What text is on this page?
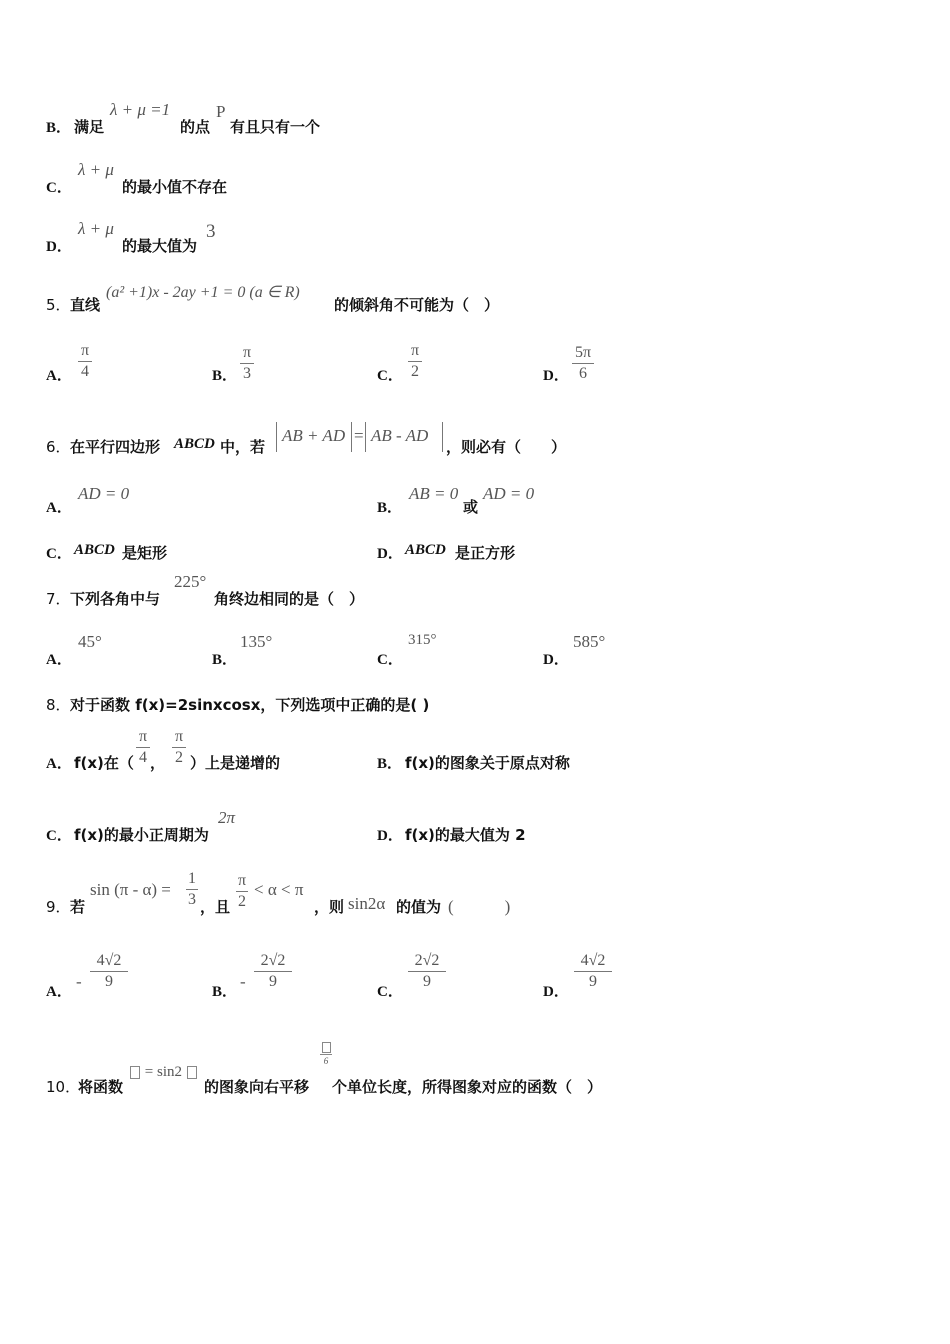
B． 满足
λ + μ =1
的点
P
有且只有一个
C．
λ + μ
的最小值不存在
D．
λ + μ
的最大值为
3
5． 直线
(a² +1)x - 2ay +1 = 0 (a ∈ R)
的倾斜角不可能为（　）
A．
π
4	B．
π
3	C．
π
2	D．
5π
6
6． 在平行四边形 ABCD 中，若
AB + AD = AB - AD
，则必有（　　）
A．
AD = 0
B．
AB = 0
或
AD = 0
C． ABCD 是矩形	D． ABCD 是正方形
7． 下列各角中与
225°
角终边相同的是（　）
A．
45°
B．
135°
C．
315°
D．
585°
8． 对于函数 f(x)=2sinxcosx，下列选项中正确的是( )
A． f(x)在（
π
4 ，
π
2 ）上是递增的	B． f(x)的图象关于原点对称
C． f(x)的最小正周期为
2π
D． f(x)的最大值为 2
9． 若
sin (π - α) =
1
3 ，且
π
2
< α < π
，则 sin2α 的值为 (　　　)
A．
-
4√2
9
B．
-
2√2
9
C．
2√2
9
D．
4√2
9
10．
将函数
= sin2
的图象向右平移
6
个单位长度，所得图象对应的函数（　）
